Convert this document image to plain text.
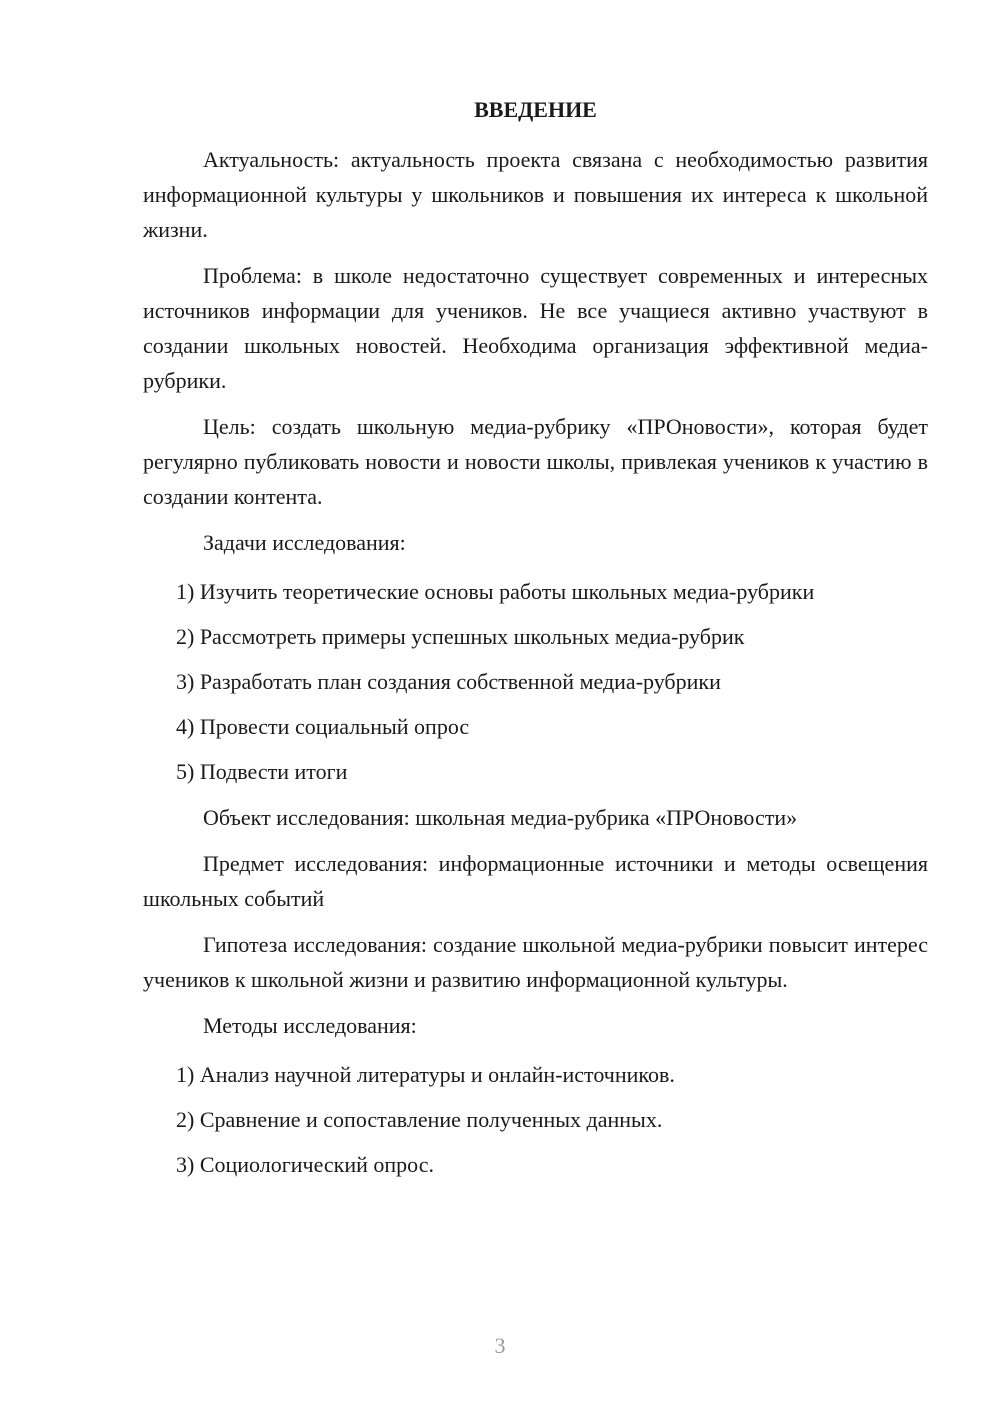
ВВЕДЕНИЕ

Актуальность: актуальность проекта связана с необходимостью развития информационной культуры у школьников и повышения их интереса к школьной жизни.

Проблема: в школе недостаточно существует современных и интересных источников информации для учеников. Не все учащиеся активно участвуют в создании школьных новостей. Необходима организация эффективной медиа-рубрики.

Цель: создать школьную медиа-рубрику «ПРОновости», которая будет регулярно публиковать новости и новости школы, привлекая учеников к участию в создании контента.

Задачи исследования:

1) Изучить теоретические основы работы школьных медиа-рубрики
2) Рассмотреть примеры успешных школьных медиа-рубрик
3) Разработать план создания собственной медиа-рубрики
4) Провести социальный опрос
5) Подвести итоги

Объект исследования: школьная медиа-рубрика «ПРОновости»

Предмет исследования: информационные источники и методы освещения школьных событий

Гипотеза исследования: создание школьной медиа-рубрики повысит интерес учеников к школьной жизни и развитию информационной культуры.

Методы исследования:

1) Анализ научной литературы и онлайн-источников.
2) Сравнение и сопоставление полученных данных.
3) Социологический опрос.
3
